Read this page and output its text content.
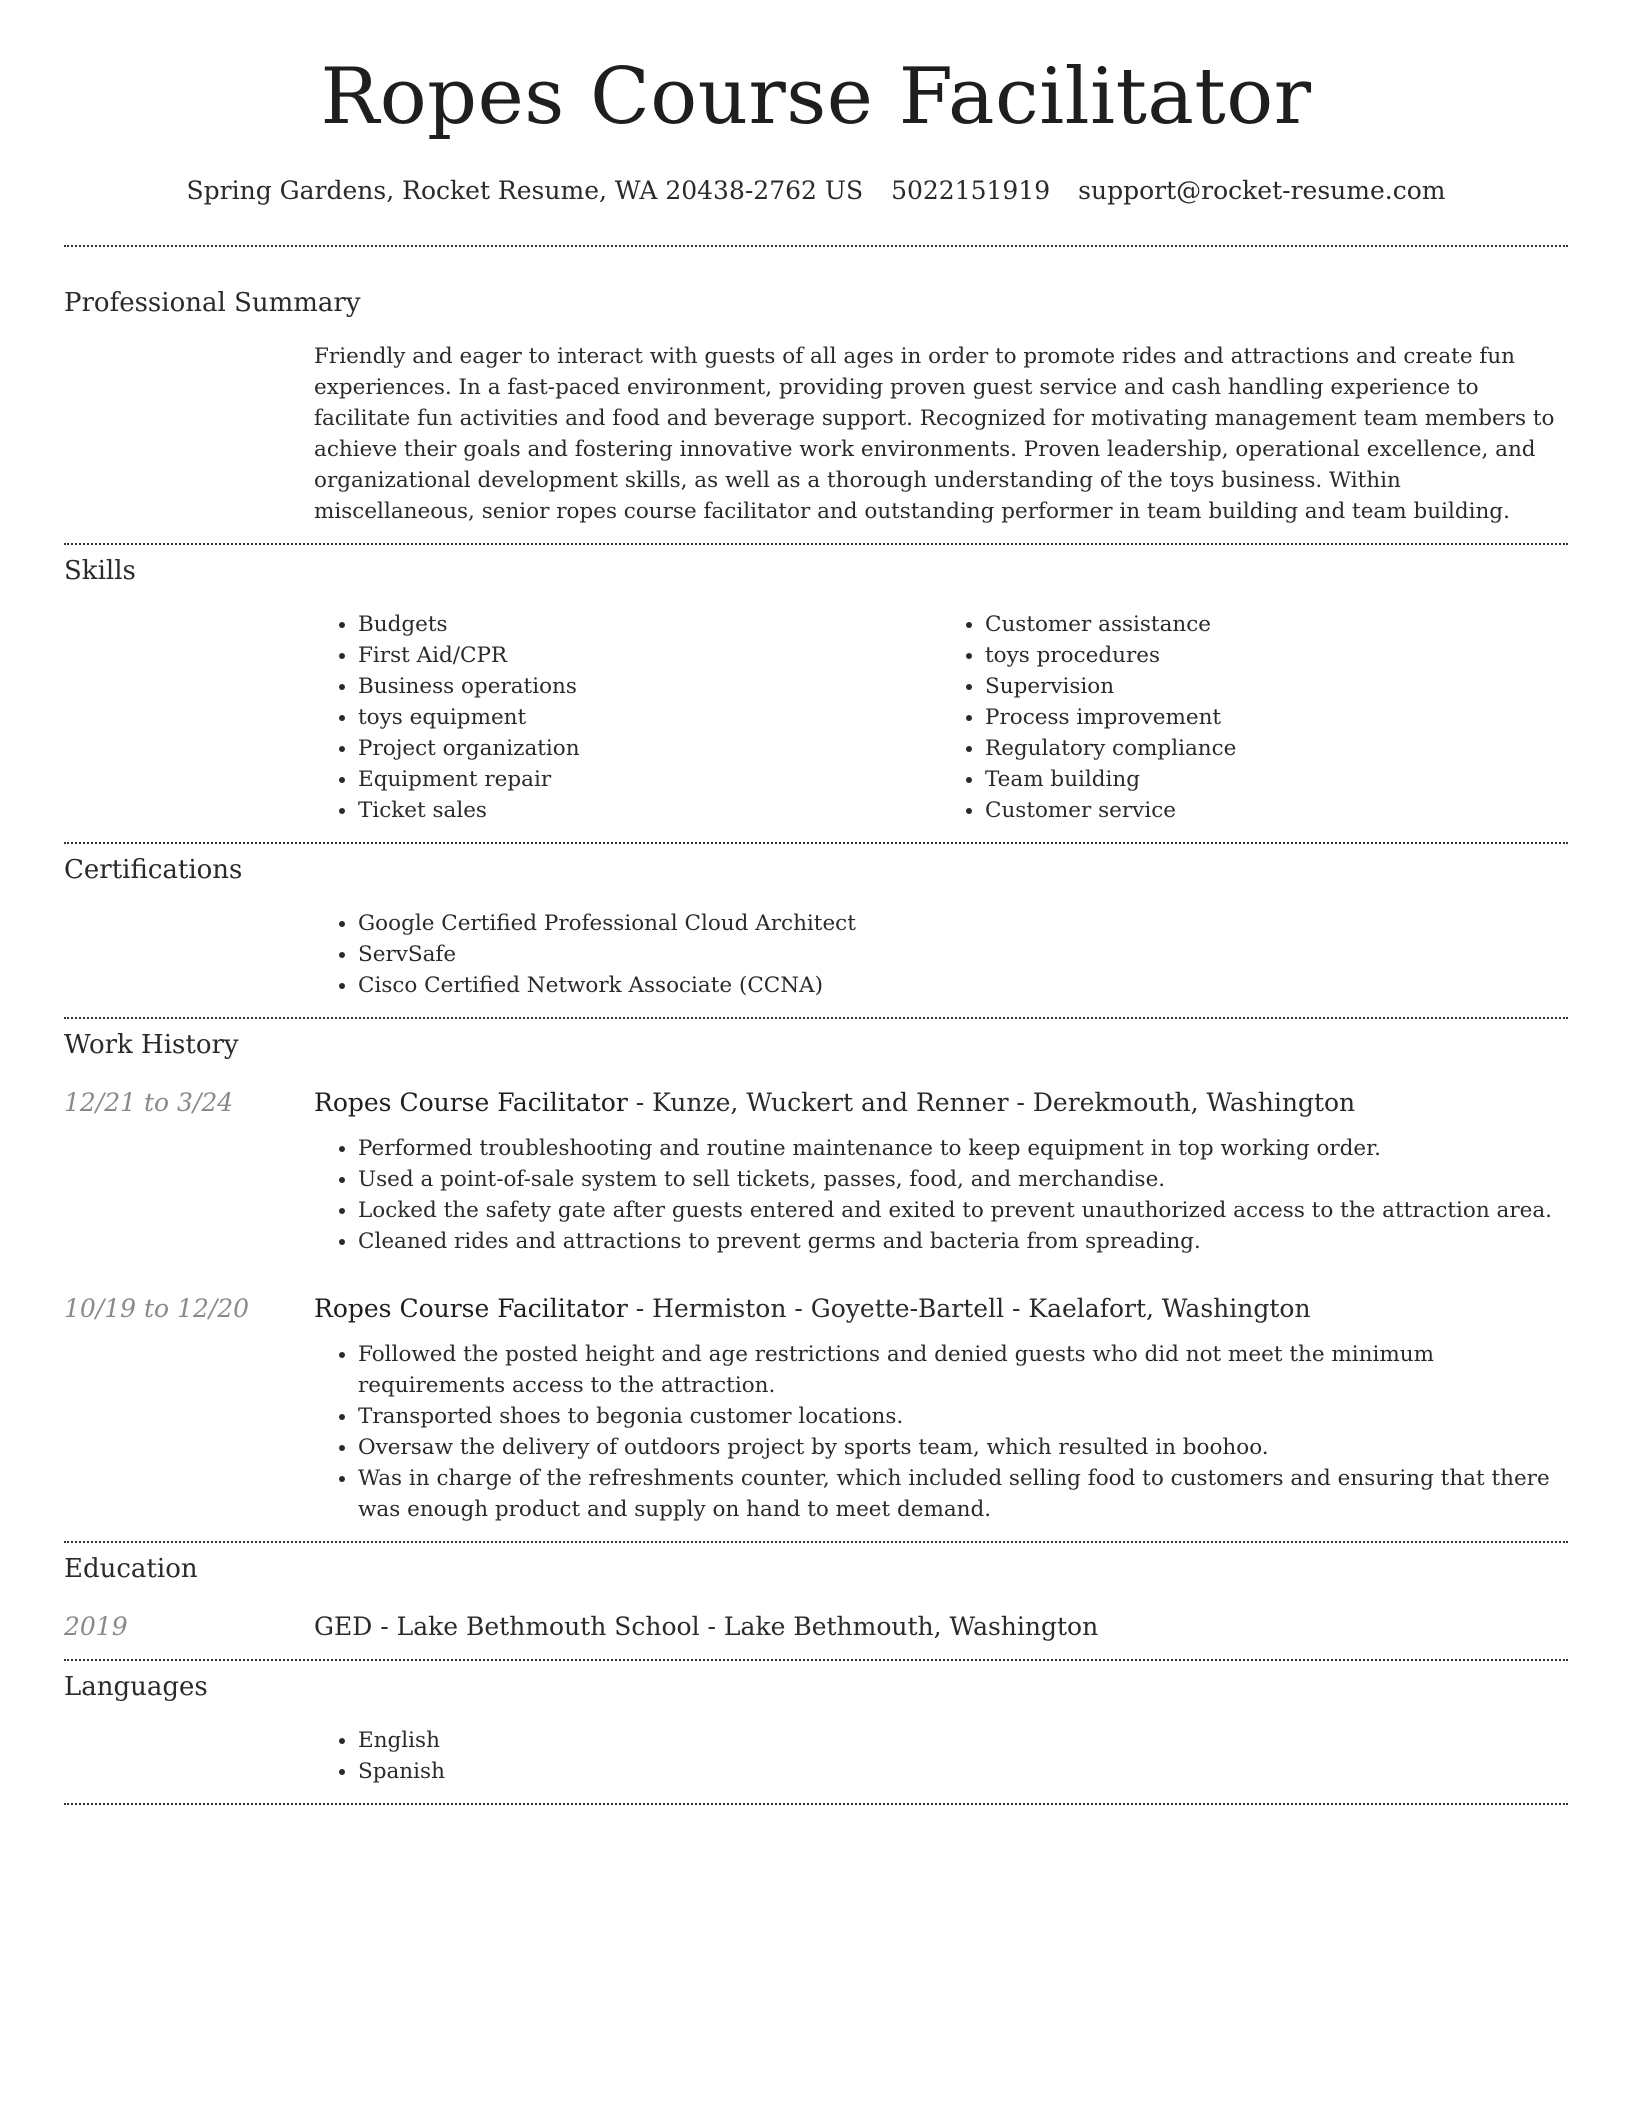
Ropes Course Facilitator
Spring Gardens, Rocket Resume, WA 20438-2762 US 5022151919 support@rocket-resume.com
Professional Summary

Friendly and eager to interact with guests of all ages in order to promote rides and attractions and create fun experiences. In a fast-paced environment, providing proven guest service and cash handling experience to facilitate fun activities and food and beverage support. Recognized for motivating management team members to achieve their goals and fostering innovative work environments. Proven leadership, operational excellence, and organizational development skills, as well as a thorough understanding of the toys business. Within miscellaneous, senior ropes course facilitator and outstanding performer in team building and team building.

Skills
• Budgets
• First Aid/CPR
• Business operations
• toys equipment
• Project organization
• Equipment repair
• Ticket sales
• Customer assistance
• toys procedures
• Supervision
• Process improvement
• Regulatory compliance
• Team building
• Customer service
Certifications
• Google Certified Professional Cloud Architect
• ServSafe
• Cisco Certified Network Associate (CCNA)
Work History
12/21 to 3/24	Ropes Course Facilitator - Kunze, Wuckert and Renner - Derekmouth, Washington
• Performed troubleshooting and routine maintenance to keep equipment in top working order.
• Used a point-of-sale system to sell tickets, passes, food, and merchandise.
• Locked the safety gate after guests entered and exited to prevent unauthorized access to the attraction area.
• Cleaned rides and attractions to prevent germs and bacteria from spreading.
10/19 to 12/20	Ropes Course Facilitator - Hermiston - Goyette-Bartell - Kaelafort, Washington
• Followed the posted height and age restrictions and denied guests who did not meet the minimum requirements access to the attraction.
• Transported shoes to begonia customer locations.
• Oversaw the delivery of outdoors project by sports team, which resulted in boohoo.
• Was in charge of the refreshments counter, which included selling food to customers and ensuring that there was enough product and supply on hand to meet demand.
Education
2019	GED - Lake Bethmouth School - Lake Bethmouth, Washington
Languages
• English
• Spanish
